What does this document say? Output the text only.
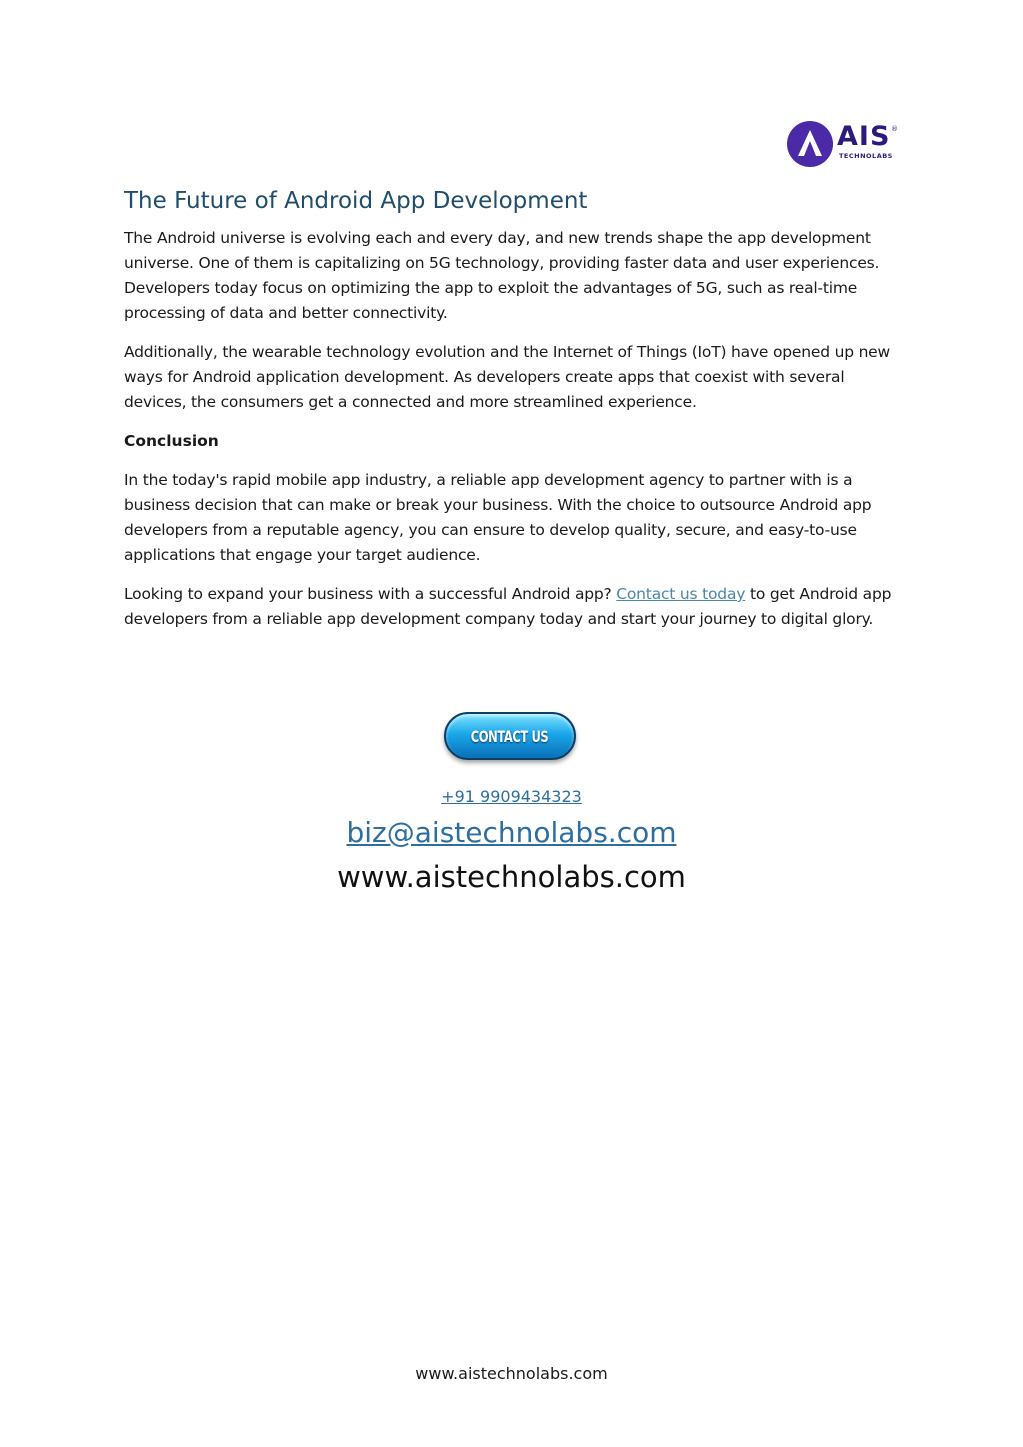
AIS ®
TECHNOLABS
The Future of Android App Development

The Android universe is evolving each and every day, and new trends shape the app development universe. One of them is capitalizing on 5G technology, providing faster data and user experiences. Developers today focus on optimizing the app to exploit the advantages of 5G, such as real-time processing of data and better connectivity.

Additionally, the wearable technology evolution and the Internet of Things (IoT) have opened up new ways for Android application development. As developers create apps that coexist with several devices, the consumers get a connected and more streamlined experience.

Conclusion

In the today's rapid mobile app industry, a reliable app development agency to partner with is a business decision that can make or break your business. With the choice to outsource Android app developers from a reputable agency, you can ensure to develop quality, secure, and easy-to-use applications that engage your target audience.

Looking to expand your business with a successful Android app? Contact us today to get Android app developers from a reliable app development company today and start your journey to digital glory.

CONTACT US
+91 9909434323
biz@aistechnolabs.com
www.aistechnolabs.com
www.aistechnolabs.com
